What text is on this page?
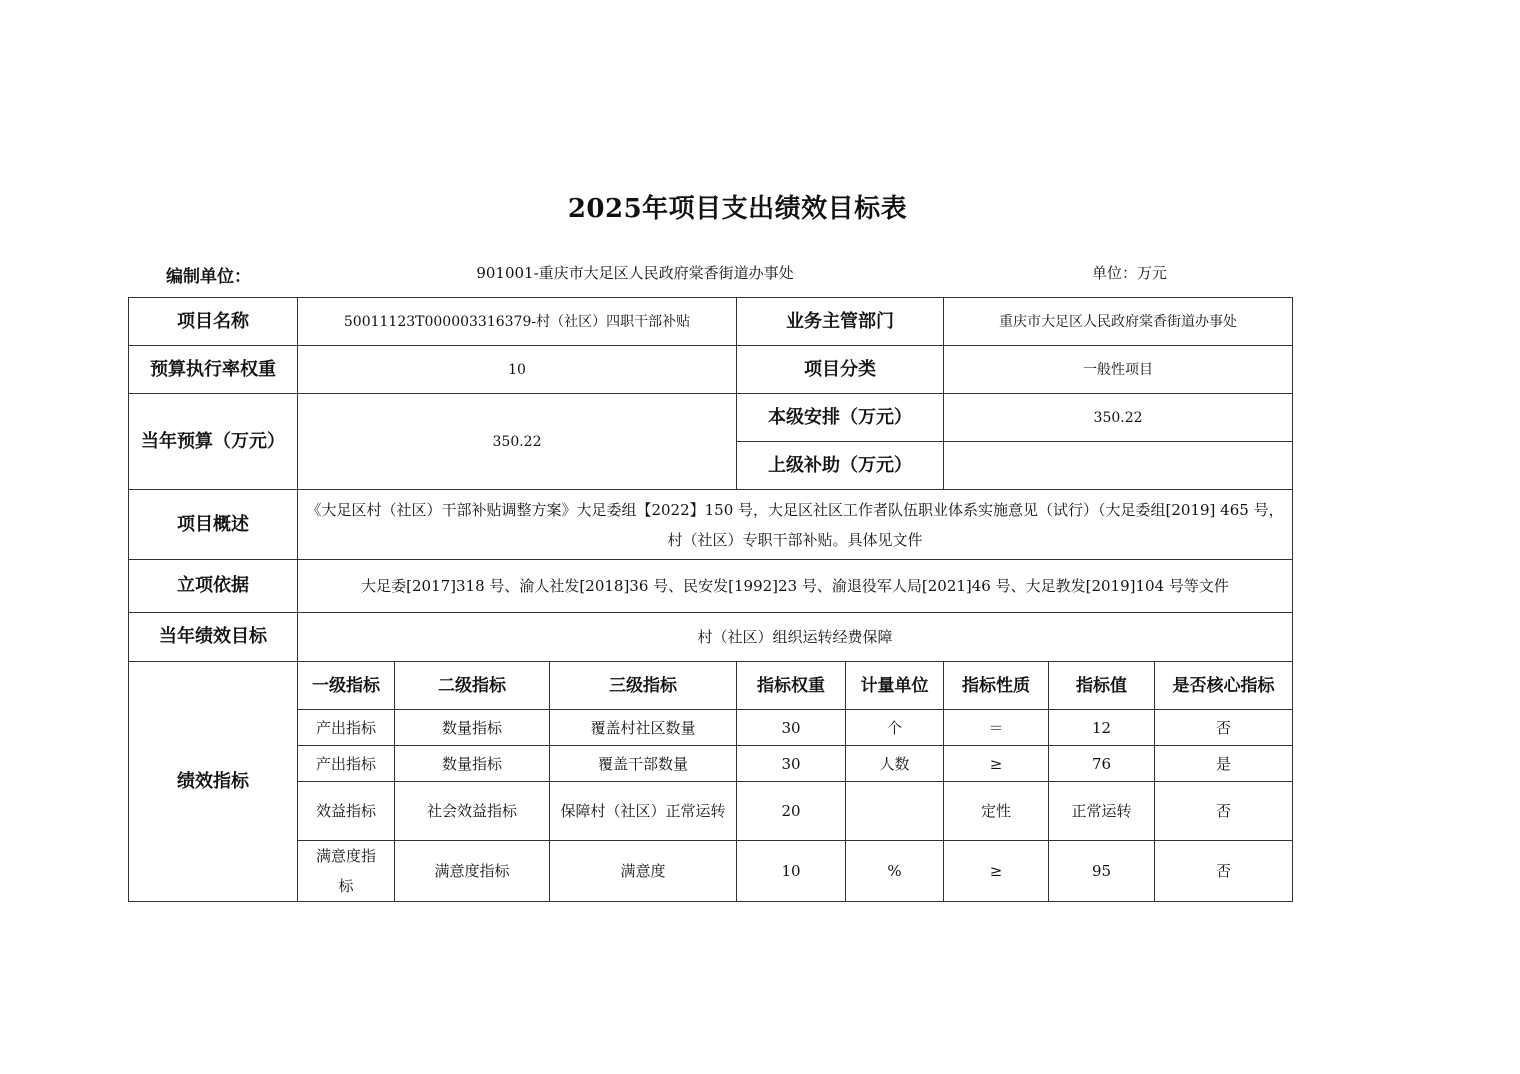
2025年项目支出绩效目标表
编制单位：	901001-重庆市大足区人民政府棠香街道办事处	单位：万元
项目名称	50011123T000003316379-村（社区）四职干部补贴			业务主管部门		重庆市大足区人民政府棠香街道办事处		
预算执行率权重	10			项目分类		一般性项目		
当年预算（万元）	350.22			本级安排（万元）		350.22		
				上级补助（万元）				
项目概述	《大足区村（社区）干部补贴调整方案》大足委组【2022】150 号，大足区社区工作者队伍职业体系实施意见（试行）（大足委组[2019] 465 号，村（社区）专职干部补贴。具体见文件							
立项依据	大足委[2017]318 号、渝人社发[2018]36 号、民安发[1992]23 号、渝退役军人局[2021]46 号、大足教发[2019]104 号等文件							
当年绩效目标	村（社区）组织运转经费保障							
绩效指标	一级指标	二级指标	三级指标	指标权重	计量单位	指标性质	指标值	是否核心指标
	产出指标	数量指标	覆盖村社区数量	30	个	＝	12	否
	产出指标	数量指标	覆盖干部数量	30	人数	≥	76	是
	效益指标	社会效益指标	保障村（社区）正常运转	20		定性	正常运转	否
	满意度指标	满意度指标	满意度	10	%	≥	95	否
